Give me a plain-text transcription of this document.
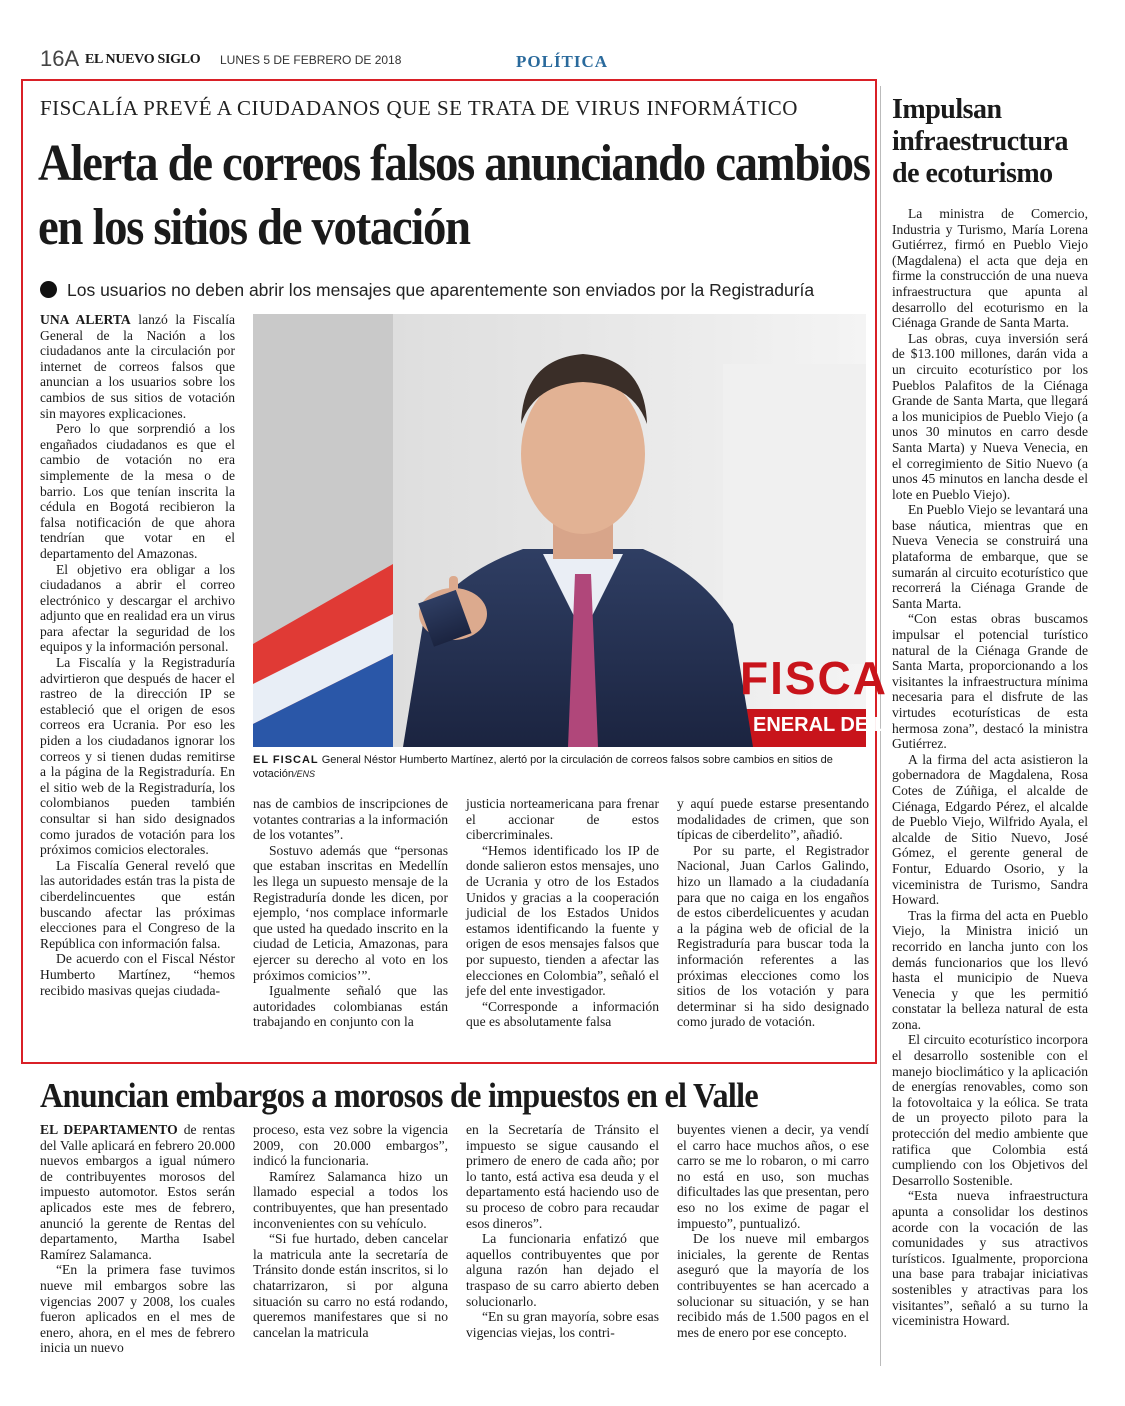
16A EL NUEVO SIGLO LUNES 5 DE FEBRERO DE 2018	POLÍTICA
FISCALÍA PREVÉ A CIUDADANOS QUE SE TRATA DE VIRUS INFORMÁTICO
Alerta de correos falsos anunciando cambios en los sitios de votación
Los usuarios no deben abrir los mensajes que aparentemente son enviados por la Registraduría

UNA ALERTA lanzó la Fiscalía General de la Nación a los ciudadanos ante la circulación por internet de correos falsos que anuncian a los usuarios sobre los cambios de sus sitios de votación sin mayores explicaciones.

Pero lo que sorprendió a los engañados ciudadanos es que el cambio de votación no era simplemente de la mesa o de barrio. Los que tenían inscrita la cédula en Bogotá recibieron la falsa notificación de que ahora tendrían que votar en el departamento del Amazonas.

El objetivo era obligar a los ciudadanos a abrir el correo electrónico y descargar el archivo adjunto que en realidad era un virus para afectar la seguridad de los equipos y la información personal.

La Fiscalía y la Registraduría advirtieron que después de hacer el rastreo de la dirección IP se estableció que el origen de esos correos era Ucrania. Por eso les piden a los ciudadanos ignorar los correos y si tienen dudas remitirse a la página de la Registraduría. En el sitio web de la Registraduría, los colombianos pueden también consultar si han sido designados como jurados de votación para los próximos comicios electorales.

La Fiscalía General reveló que las autoridades están tras la pista de ciberdelincuentes que están buscando afectar las próximas elecciones para el Congreso de la República con información falsa.

De acuerdo con el Fiscal Néstor Humberto Martínez, “hemos recibido masivas quejas ciudada-

FISCA
ENERAL DE LA
EL FISCAL General Néstor Humberto Martínez, alertó por la circulación de correos falsos sobre cambios en sitios de votación/ENS

nas de cambios de inscripciones de votantes contrarias a la información de los votantes”.

Sostuvo además que “personas que estaban inscritas en Medellín les llega un supuesto mensaje de la Registraduría donde les dicen, por ejemplo, ‘nos complace informarle que usted ha quedado inscrito en la ciudad de Leticia, Amazonas, para ejercer su derecho al voto en los próximos comicios’”.

Igualmente señaló que las autoridades colombianas están trabajando en conjunto con la

justicia norteamericana para frenar el accionar de estos cibercriminales.

“Hemos identificado los IP de donde salieron estos mensajes, uno de Ucrania y otro de los Estados Unidos y gracias a la cooperación judicial de los Estados Unidos estamos identificando la fuente y origen de esos mensajes falsos que por supuesto, tienden a afectar las elecciones en Colombia”, señaló el jefe del ente investigador.

“Corresponde a información que es absolutamente falsa

y aquí puede estarse presentando modalidades de crimen, que son típicas de ciberdelito”, añadió.

Por su parte, el Registrador Nacional, Juan Carlos Galindo, hizo un llamado a la ciudadanía para que no caiga en los engaños de estos ciberdelicuentes y acudan a la página web de oficial de la Registraduría para buscar toda la información referentes a las próximas elecciones como los sitios de los votación y para determinar si ha sido designado como jurado de votación.

Impulsan infraestructura de ecoturismo

La ministra de Comercio, Industria y Turismo, María Lorena Gutiérrez, firmó en Pueblo Viejo (Magdalena) el acta que deja en firme la construcción de una nueva infraestructura que apunta al desarrollo del ecoturismo en la Ciénaga Grande de Santa Marta.

Las obras, cuya inversión será de $13.100 millones, darán vida a un circuito ecoturístico por los Pueblos Palafitos de la Ciénaga Grande de Santa Marta, que llegará a los municipios de Pueblo Viejo (a unos 30 minutos en carro desde Santa Marta) y Nueva Venecia, en el corregimiento de Sitio Nuevo (a unos 45 minutos en lancha desde el lote en Pueblo Viejo).

En Pueblo Viejo se levantará una base náutica, mientras que en Nueva Venecia se construirá una plataforma de embarque, que se sumarán al circuito ecoturístico que recorrerá la Ciénaga Grande de Santa Marta.

“Con estas obras buscamos impulsar el potencial turístico natural de la Ciénaga Grande de Santa Marta, proporcionando a los visitantes la infraestructura mínima necesaria para el disfrute de las virtudes ecoturísticas de esta hermosa zona”, destacó la ministra Gutiérrez.

A la firma del acta asistieron la gobernadora de Magdalena, Rosa Cotes de Zúñiga, el alcalde de Ciénaga, Edgardo Pérez, el alcalde de Pueblo Viejo, Wilfrido Ayala, el alcalde de Sitio Nuevo, José Gómez, el gerente general de Fontur, Eduardo Osorio, y la viceministra de Turismo, Sandra Howard.

Tras la firma del acta en Pueblo Viejo, la Ministra inició un recorrido en lancha junto con los demás funcionarios que los llevó hasta el municipio de Nueva Venecia y que les permitió constatar la belleza natural de esta zona.

El circuito ecoturístico incorpora el desarrollo sostenible con el manejo bioclimático y la aplicación de energías renovables, como son la fotovoltaica y la eólica. Se trata de un proyecto piloto para la protección del medio ambiente que ratifica que Colombia está cumpliendo con los Objetivos del Desarrollo Sostenible.

“Esta nueva infraestructura apunta a consolidar los destinos acorde con la vocación de las comunidades y sus atractivos turísticos. Igualmente, proporciona una base para trabajar iniciativas sostenibles y atractivas para los visitantes”, señaló a su turno la viceministra Howard.

Anuncian embargos a morosos de impuestos en el Valle

EL DEPARTAMENTO de rentas del Valle aplicará en febrero 20.000 nuevos embargos a igual número de contribuyentes morosos del impuesto automotor. Estos serán aplicados este mes de febrero, anunció la gerente de Rentas del departamento, Martha Isabel Ramírez Salamanca.

“En la primera fase tuvimos nueve mil embargos sobre las vigencias 2007 y 2008, los cuales fueron aplicados en el mes de enero, ahora, en el mes de febrero inicia un nuevo

proceso, esta vez sobre la vigencia 2009, con 20.000 embargos”, indicó la funcionaria.

Ramírez Salamanca hizo un llamado especial a todos los contribuyentes, que han presentado inconvenientes con su vehículo.

“Si fue hurtado, deben cancelar la matricula ante la secretaría de Tránsito donde están inscritos, si lo chatarrizaron, si por alguna situación su carro no está rodando, queremos manifestares que si no cancelan la matricula

en la Secretaría de Tránsito el impuesto se sigue causando el primero de enero de cada año; por lo tanto, está activa esa deuda y el departamento está haciendo uso de su proceso de cobro para recaudar esos dineros”.

La funcionaria enfatizó que aquellos contribuyentes que por alguna razón han dejado el traspaso de su carro abierto deben solucionarlo.

“En su gran mayoría, sobre esas vigencias viejas, los contri-

buyentes vienen a decir, ya vendí el carro hace muchos años, o ese carro se me lo robaron, o mi carro no está en uso, son muchas dificultades las que presentan, pero eso no los exime de pagar el impuesto”, puntualizó.

De los nueve mil embargos iniciales, la gerente de Rentas aseguró que la mayoría de los contribuyentes se han acercado a solucionar su situación, y se han recibido más de 1.500 pagos en el mes de enero por ese concepto.
